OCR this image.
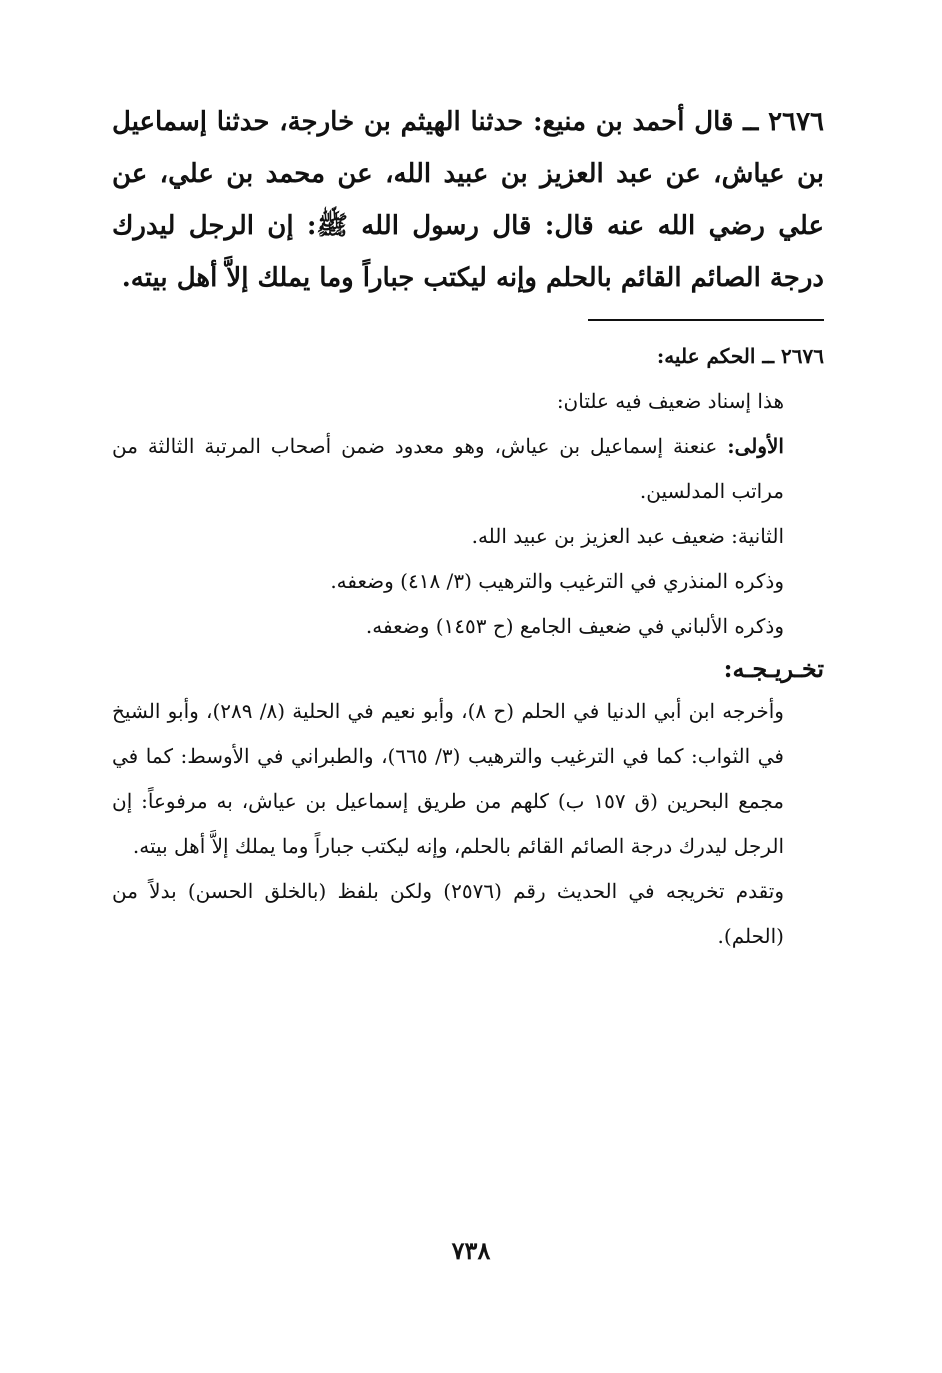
٢٦٧٦ ــ قال أحمد بن منيع: حدثنا الهيثم بن خارجة، حدثنا إسماعيل بن عياش، عن عبد العزيز بن عبيد الله، عن محمد بن علي، عن علي رضي الله عنه قال: قال رسول الله ﷺ: إن الرجل ليدرك درجة الصائم القائم بالحلم وإنه ليكتب جباراً وما يملك إلاَّ أهل بيته.

٢٦٧٦ ــ الحكم عليه:

هذا إسناد ضعيف فيه علتان:

الأولى: عنعنة إسماعيل بن عياش، وهو معدود ضمن أصحاب المرتبة الثالثة من مراتب المدلسين.

الثانية: ضعيف عبد العزيز بن عبيد الله.

وذكره المنذري في الترغيب والترهيب (٣/ ٤١٨) وضعفه.

وذكره الألباني في ضعيف الجامع (ح ١٤٥٣) وضعفه.

تخـريـجـه:

وأخرجه ابن أبي الدنيا في الحلم (ح ٨)، وأبو نعيم في الحلية (٨/ ٢٨٩)، وأبو الشيخ في الثواب: كما في الترغيب والترهيب (٣/ ٦٦٥)، والطبراني في الأوسط: كما في مجمع البحرين (ق ١٥٧ ب) كلهم من طريق إسماعيل بن عياش، به مرفوعاً: إن الرجل ليدرك درجة الصائم القائم بالحلم، وإنه ليكتب جباراً وما يملك إلاَّ أهل بيته.

وتقدم تخريجه في الحديث رقم (٢٥٧٦) ولكن بلفظ (بالخلق الحسن) بدلاً من (الحلم).

٧٣٨
